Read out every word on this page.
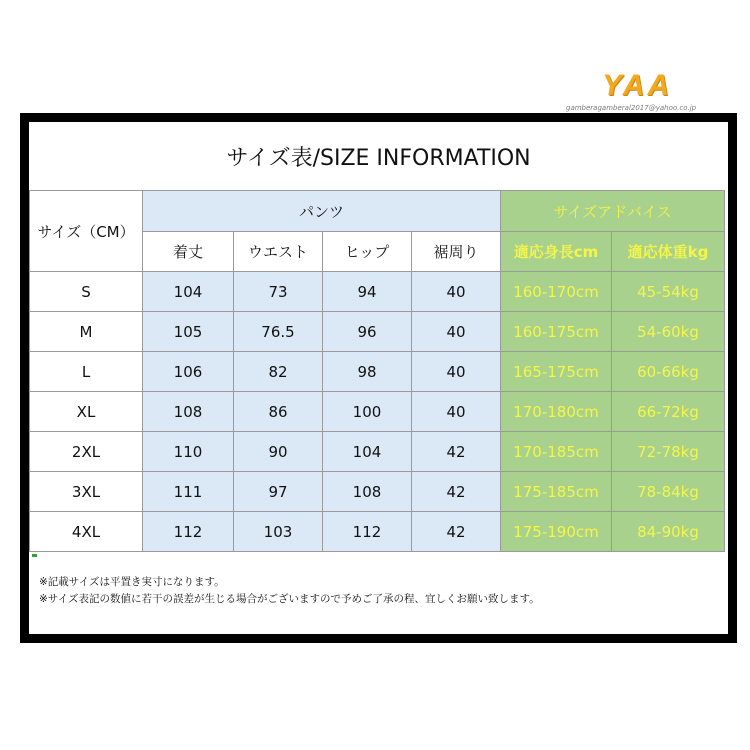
YAA
gamberagamberal2017@yahoo.co.jp
サイズ表/SIZE INFORMATION
サイズ（CM）	パンツ				サイズアドバイス	
	着丈	ウエスト	ヒップ	裾周り	適応身長cm	適応体重kg
S	104	73	94	40	160-170cm	45-54kg
M	105	76.5	96	40	160-175cm	54-60kg
L	106	82	98	40	165-175cm	60-66kg
XL	108	86	100	40	170-180cm	66-72kg
2XL	110	90	104	42	170-185cm	72-78kg
3XL	111	97	108	42	175-185cm	78-84kg
4XL	112	103	112	42	175-190cm	84-90kg
※記載サイズは平置き実寸になります。
※サイズ表記の数値に若干の誤差が生じる場合がございますので予めご了承の程、宜しくお願い致します。
